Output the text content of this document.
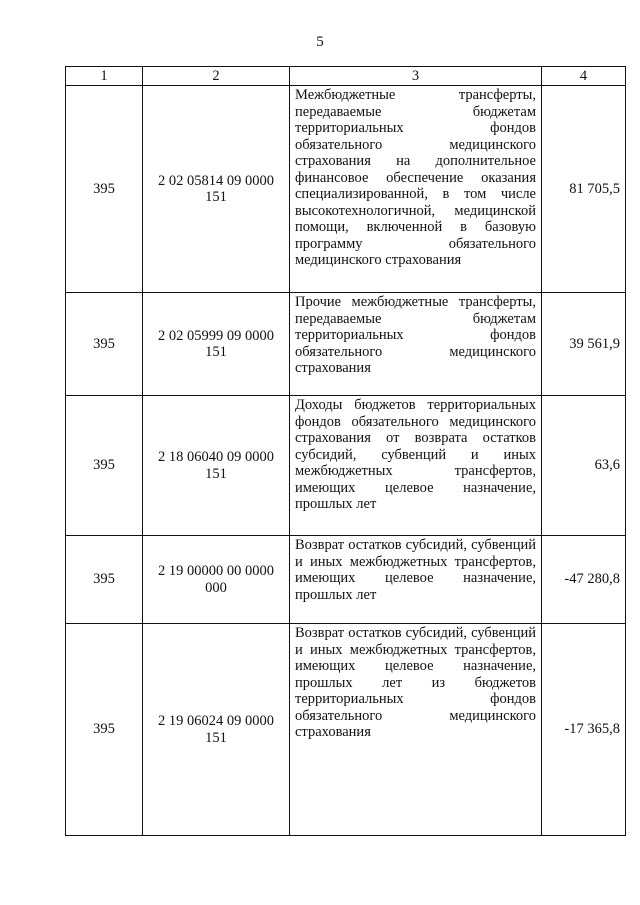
5
1	2	3	4
395	2 02 05814 09 0000 151	Межбюджетные трансферты, передаваемые бюджетам территориальных фондов обязательного медицинского страхования на дополнительное финансовое обеспечение оказания специализированной, в том числе высокотехнологичной, медицинской помощи, включенной в базовую программу обязательного медицинского страхования	81 705,5
395	2 02 05999 09 0000 151	Прочие межбюджетные трансферты, передаваемые бюджетам территориальных фондов обязательного медицинского страхования	39 561,9
395	2 18 06040 09 0000 151	Доходы бюджетов территориальных фондов обязательного медицинского страхования от возврата остатков субсидий, субвенций и иных межбюджетных трансфертов, имеющих целевое назначение, прошлых лет	63,6
395	2 19 00000 00 0000 000	Возврат остатков субсидий, субвенций и иных межбюджетных трансфертов, имеющих целевое назначение, прошлых лет	-47 280,8
395	2 19 06024 09 0000 151	Возврат остатков субсидий, субвенций и иных межбюджетных трансфертов, имеющих целевое назначение, прошлых лет из бюджетов территориальных фондов обязательного медицинского страхования	-17 365,8
